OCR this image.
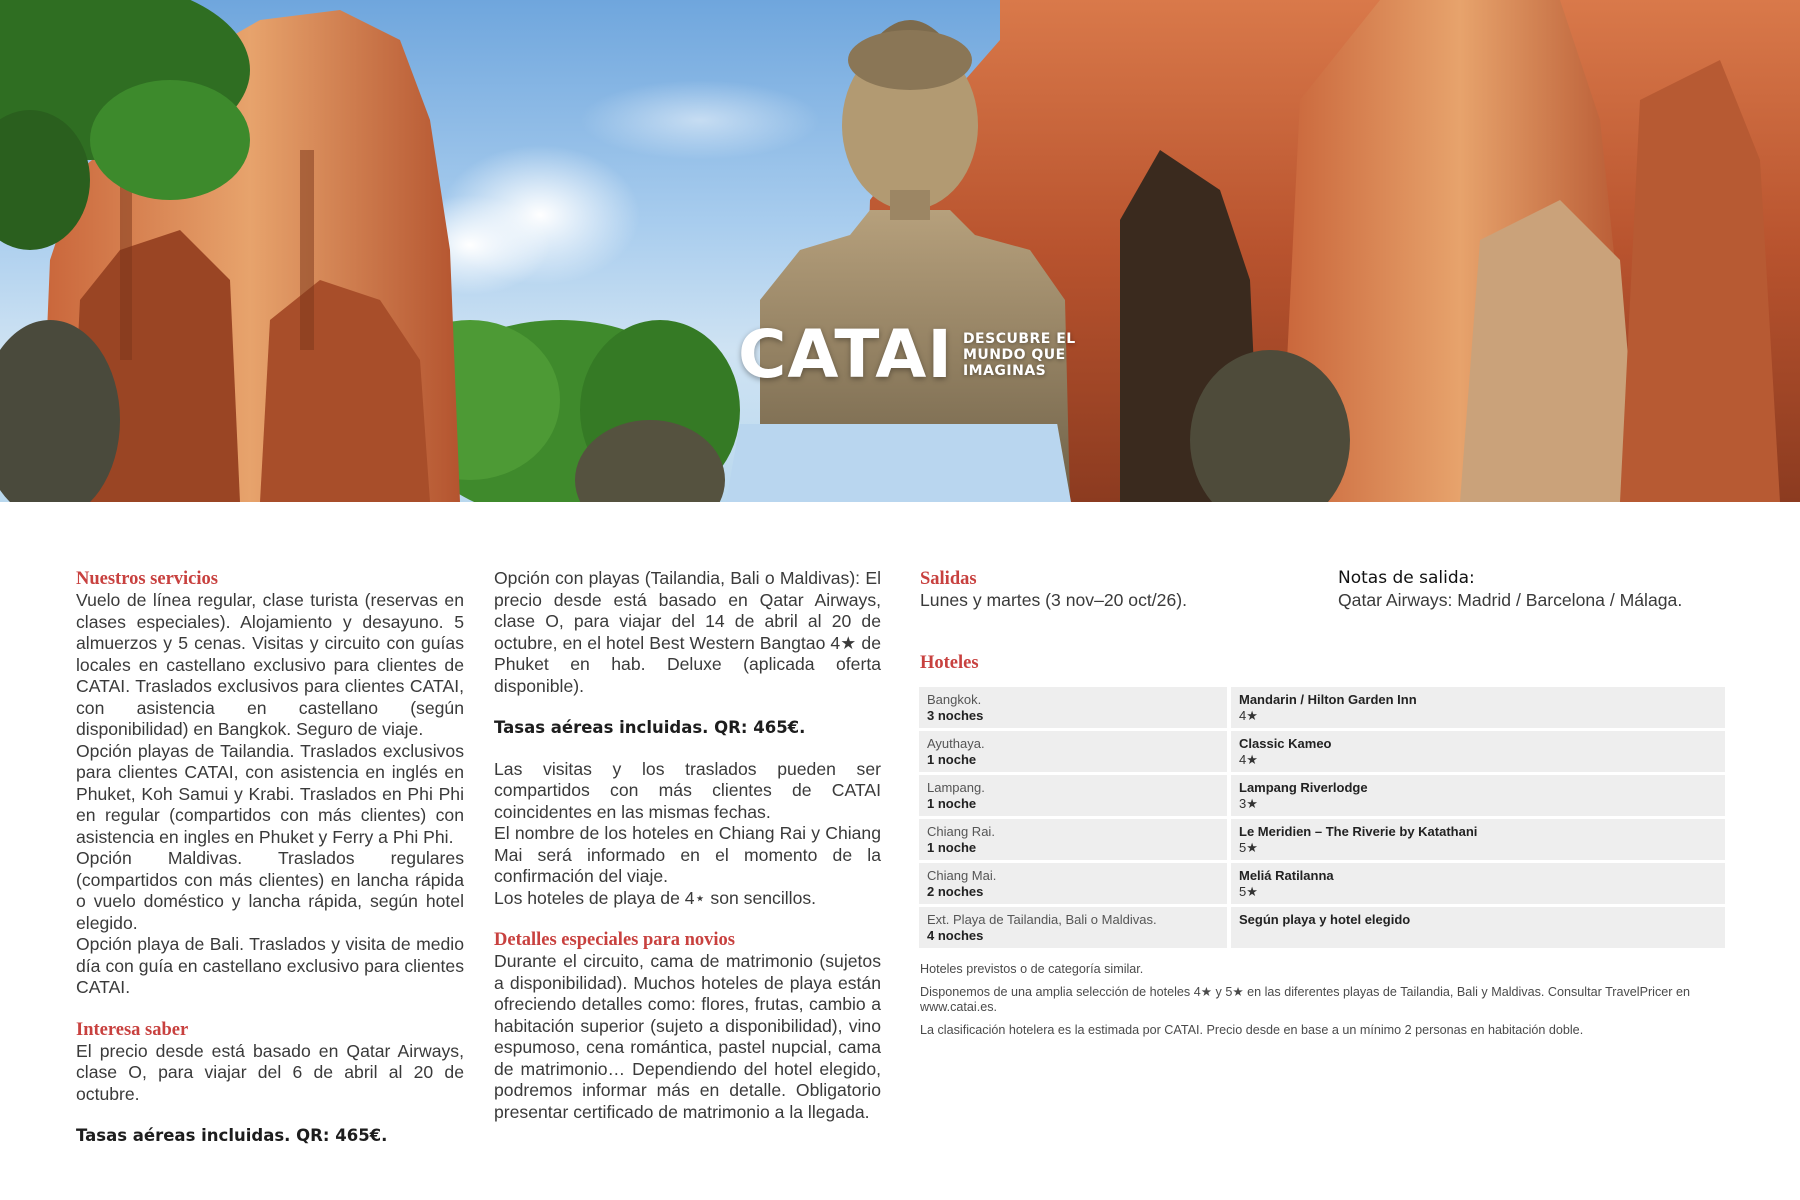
CATAI DESCUBRE EL
MUNDO QUE
IMAGINAS

Nuestros servicios

Vuelo de línea regular, clase turista (reservas en clases especiales). Alojamiento y desayuno. 5 almuerzos y 5 cenas. Visitas y circuito con guías locales en castellano exclusivo para clientes de CATAI. Traslados exclusivos para clientes CATAI, con asistencia en castellano (según disponibilidad) en Bangkok. Seguro de viaje.

Opción playas de Tailandia. Traslados exclusivos para clientes CATAI, con asistencia en inglés en Phuket, Koh Samui y Krabi. Traslados en Phi Phi en regular (compartidos con más clientes) con asistencia en ingles en Phuket y Ferry a Phi Phi.

Opción Maldivas. Traslados regulares (compartidos con más clientes) en lancha rápida o vuelo doméstico y lancha rápida, según hotel elegido.

Opción playa de Bali. Traslados y visita de medio día con guía en castellano exclusivo para clientes CATAI.

Interesa saber

El precio desde está basado en Qatar Airways, clase O, para viajar del 6 de abril al 20 de octubre.

Tasas aéreas incluidas. QR: 465€.

Opción con playas (Tailandia, Bali o Maldivas): El precio desde está basado en Qatar Airways, clase O, para viajar del 14 de abril al 20 de octubre, en el hotel Best Western Bangtao 4★ de Phuket en hab. Deluxe (aplicada oferta disponible).

Tasas aéreas incluidas. QR: 465€.

Las visitas y los traslados pueden ser compartidos con más clientes de CATAI coincidentes en las mismas fechas.

El nombre de los hoteles en Chiang Rai y Chiang Mai será informado en el momento de la confirmación del viaje.

Los hoteles de playa de 4⋆ son sencillos.

Detalles especiales para novios

Durante el circuito, cama de matrimonio (sujetos a disponibilidad). Muchos hoteles de playa están ofreciendo detalles como: flores, frutas, cambio a habitación superior (sujeto a disponibilidad), vino espumoso, cena romántica, pastel nupcial, cama de matrimonio… Dependiendo del hotel elegido, podremos informar más en detalle. Obligatorio presentar certificado de matrimonio a la llegada.

Salidas

Lunes y martes (3 nov–20 oct/26).

Notas de salida:

Qatar Airways: Madrid / Barcelona / Málaga.

Hoteles

Bangkok.
3 noches
Mandarin / Hilton Garden Inn
4★
Ayuthaya.
1 noche
Classic Kameo
4★
Lampang.
1 noche
Lampang Riverlodge
3★
Chiang Rai.
1 noche
Le Meridien – The Riverie by Katathani
5★
Chiang Mai.
2 noches
Meliá Ratilanna
5★
Ext. Playa de Tailandia, Bali o Maldivas.
4 noches
Según playa y hotel elegido

Hoteles previstos o de categoría similar.

Disponemos de una amplia selección de hoteles 4★ y 5★ en las diferentes playas de Tailandia, Bali y Maldivas. Consultar TravelPricer en www.catai.es.

La clasificación hotelera es la estimada por CATAI. Precio desde en base a un mínimo 2 personas en habitación doble.
